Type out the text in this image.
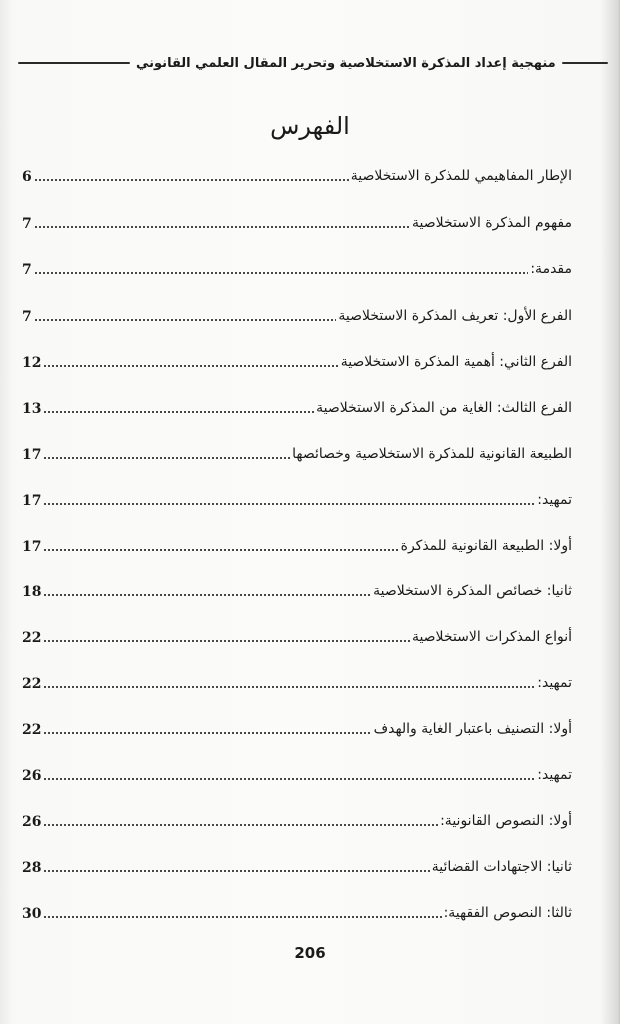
منهجية إعداد المذكرة الاستخلاصية وتحرير المقال العلمي القانوني
الفهرس
6	الإطار المفاهيمي للمذكرة الاستخلاصية
7	مفهوم المذكرة الاستخلاصية
7	مقدمة:
7	الفرع الأول: تعريف المذكرة الاستخلاصية
12	الفرع الثاني: أهمية المذكرة الاستخلاصية
13	الفرع الثالث: الغاية من المذكرة الاستخلاصية
17	الطبيعة القانونية للمذكرة الاستخلاصية وخصائصها
17	تمهيد:
17	أولا: الطبيعة القانونية للمذكرة
18	ثانيا: خصائص المذكرة الاستخلاصية
22	أنواع المذكرات الاستخلاصية
22	تمهيد:
22	أولا: التصنيف باعتبار الغاية والهدف
26	تمهيد:
26	أولا: النصوص القانونية:
28	ثانيا: الاجتهادات القضائية
30	ثالثا: النصوص الفقهية:
206
